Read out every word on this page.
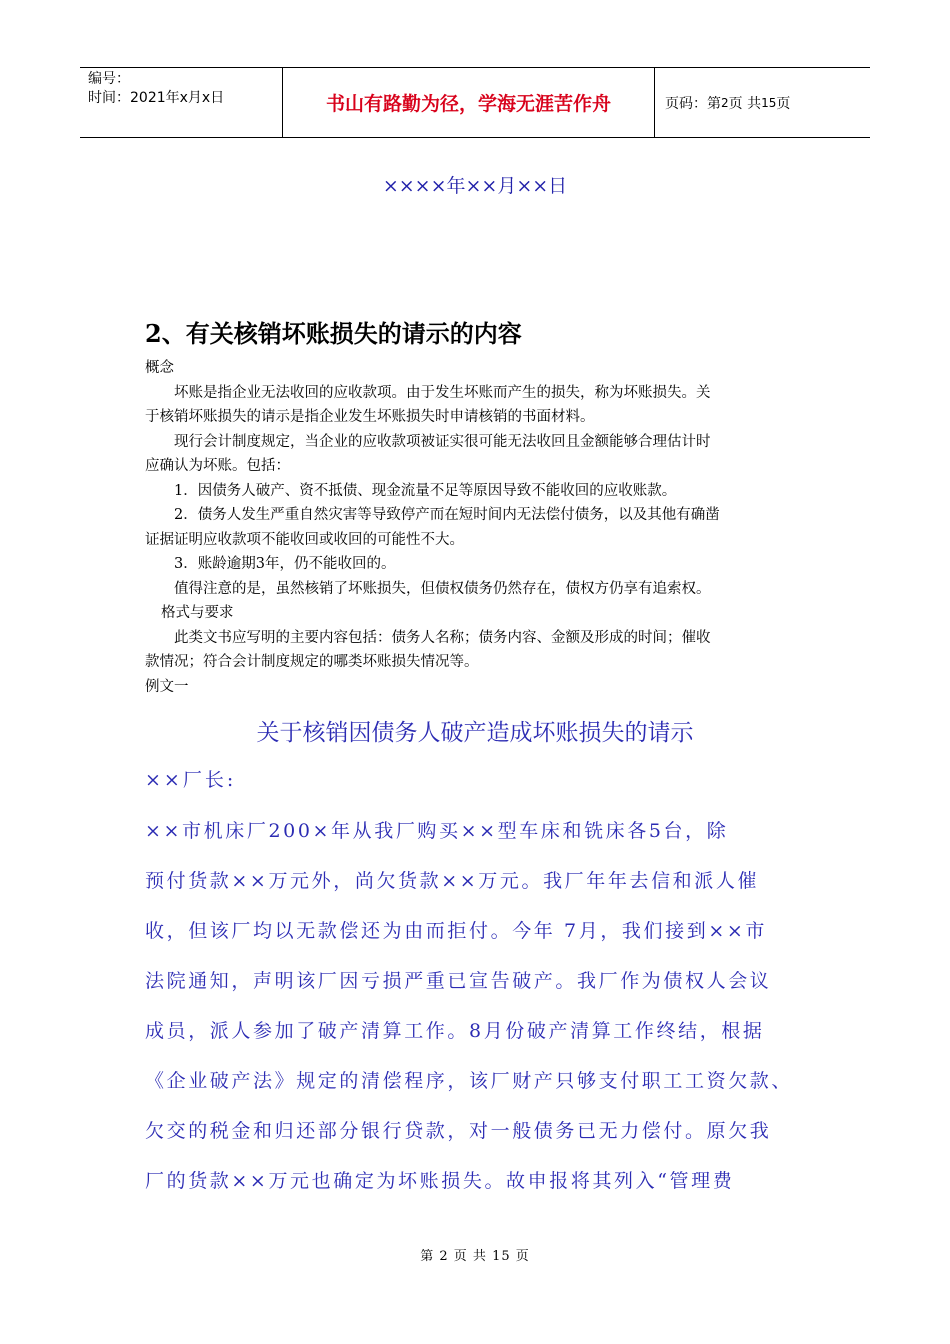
编号：
时间：2021年x月x日	书山有路勤为径，学海无涯苦作舟	页码：第 2 页 共 15 页
××××年××月××日
2、有关核销坏账损失的请示的内容

概念

坏账是指企业无法收回的应收款项。由于发生坏账而产生的损失，称为坏账损失。关

于核销坏账损失的请示是指企业发生坏账损失时申请核销的书面材料。

现行会计制度规定，当企业的应收款项被证实很可能无法收回且金额能够合理估计时

应确认为坏账。包括：

1．因债务人破产、资不抵债、现金流量不足等原因导致不能收回的应收账款。

2．债务人发生严重自然灾害等导致停产而在短时间内无法偿付债务，以及其他有确凿

证据证明应收款项不能收回或收回的可能性不大。

3．账龄逾期3年，仍不能收回的。

值得注意的是，虽然核销了坏账损失，但债权债务仍然存在，债权方仍享有追索权。

格式与要求

此类文书应写明的主要内容包括：债务人名称；债务内容、金额及形成的时间；催收

款情况；符合会计制度规定的哪类坏账损失情况等。

例文一

关于核销因债务人破产造成坏账损失的请示
××厂长:

××市机床厂200×年从我厂购买××型车床和铣床各5台，除

预付货款××万元外，尚欠货款××万元。我厂年年去信和派人催

收，但该厂均以无款偿还为由而拒付。今年 7月，我们接到××市

法院通知，声明该厂因亏损严重已宣告破产。我厂作为债权人会议

成员，派人参加了破产清算工作。8月份破产清算工作终结，根据

《企业破产法》规定的清偿程序，该厂财产只够支付职工工资欠款、

欠交的税金和归还部分银行贷款，对一般债务已无力偿付。原欠我

厂的货款××万元也确定为坏账损失。故申报将其列入“管理费

第 2 页 共 15 页
